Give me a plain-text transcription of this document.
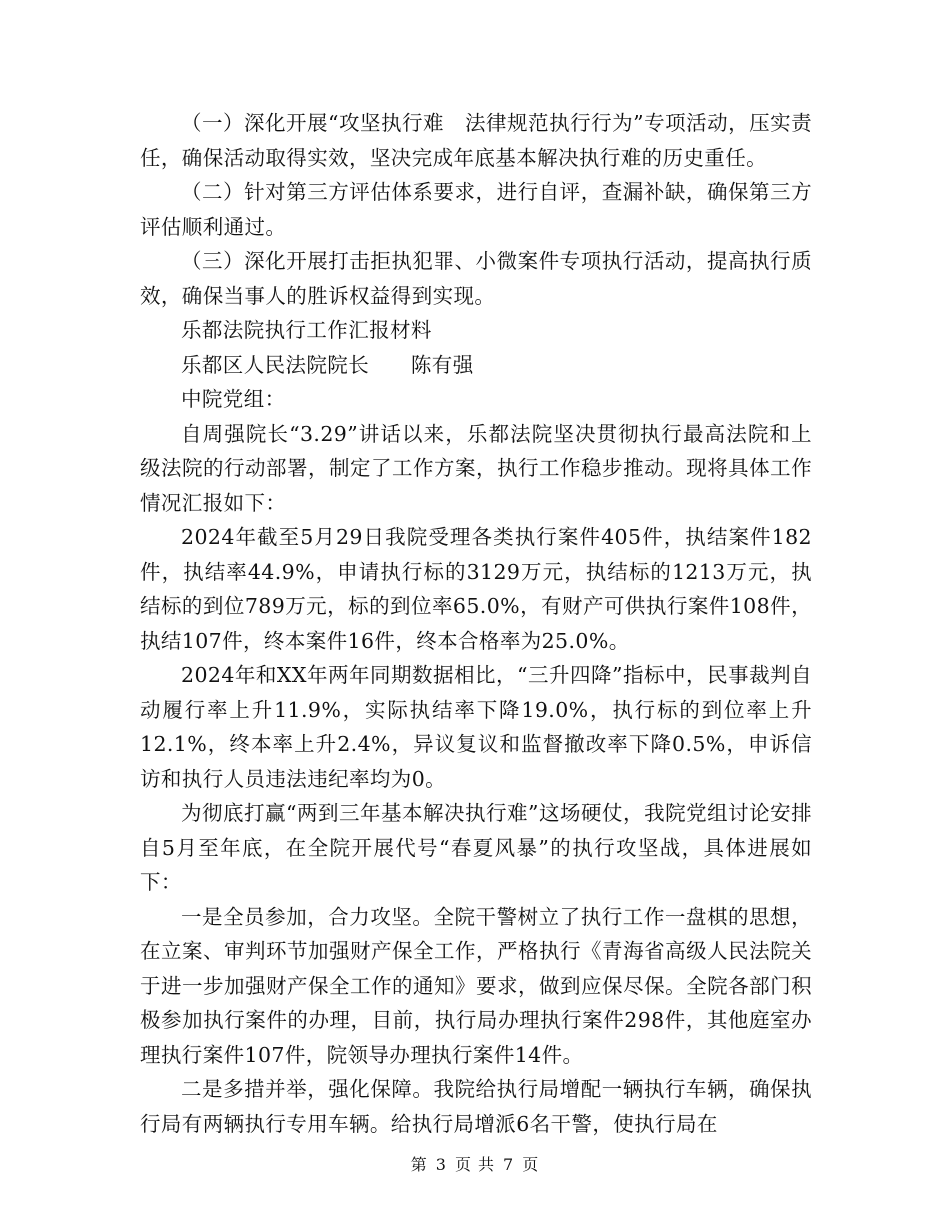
（一）深化开展“攻坚执行难　法律规范执行行为”专项活动，压实责任，确保活动取得实效，坚决完成年底基本解决执行难的历史重任。

（二）针对第三方评估体系要求，进行自评，查漏补缺，确保第三方评估顺利通过。

（三）深化开展打击拒执犯罪、小微案件专项执行活动，提高执行质效，确保当事人的胜诉权益得到实现。

乐都法院执行工作汇报材料

乐都区人民法院院长　　陈有强

中院党组：

自周强院长“3.29”讲话以来，乐都法院坚决贯彻执行最高法院和上级法院的行动部署，制定了工作方案，执行工作稳步推动。现将具体工作情况汇报如下：

2024年截至5月29日我院受理各类执行案件405件，执结案件182件，执结率44.9%，申请执行标的3129万元，执结标的1213万元，执结标的到位789万元，标的到位率65.0%，有财产可供执行案件108件，执结107件，终本案件16件，终本合格率为25.0%。

2024年和XX年两年同期数据相比，“三升四降”指标中，民事裁判自动履行率上升11.9%，实际执结率下降19.0%，执行标的到位率上升12.1%，终本率上升2.4%，异议复议和监督撤改率下降0.5%，申诉信访和执行人员违法违纪率均为0。

为彻底打赢“两到三年基本解决执行难”这场硬仗，我院党组讨论安排自5月至年底，在全院开展代号“春夏风暴”的执行攻坚战，具体进展如下：

一是全员参加，合力攻坚。全院干警树立了执行工作一盘棋的思想，在立案、审判环节加强财产保全工作，严格执行《青海省高级人民法院关于进一步加强财产保全工作的通知》要求，做到应保尽保。全院各部门积极参加执行案件的办理，目前，执行局办理执行案件298件，其他庭室办理执行案件107件，院领导办理执行案件14件。

二是多措并举，强化保障。我院给执行局增配一辆执行车辆，确保执行局有两辆执行专用车辆。给执行局增派6名干警，使执行局在

第 3 页 共 7 页
